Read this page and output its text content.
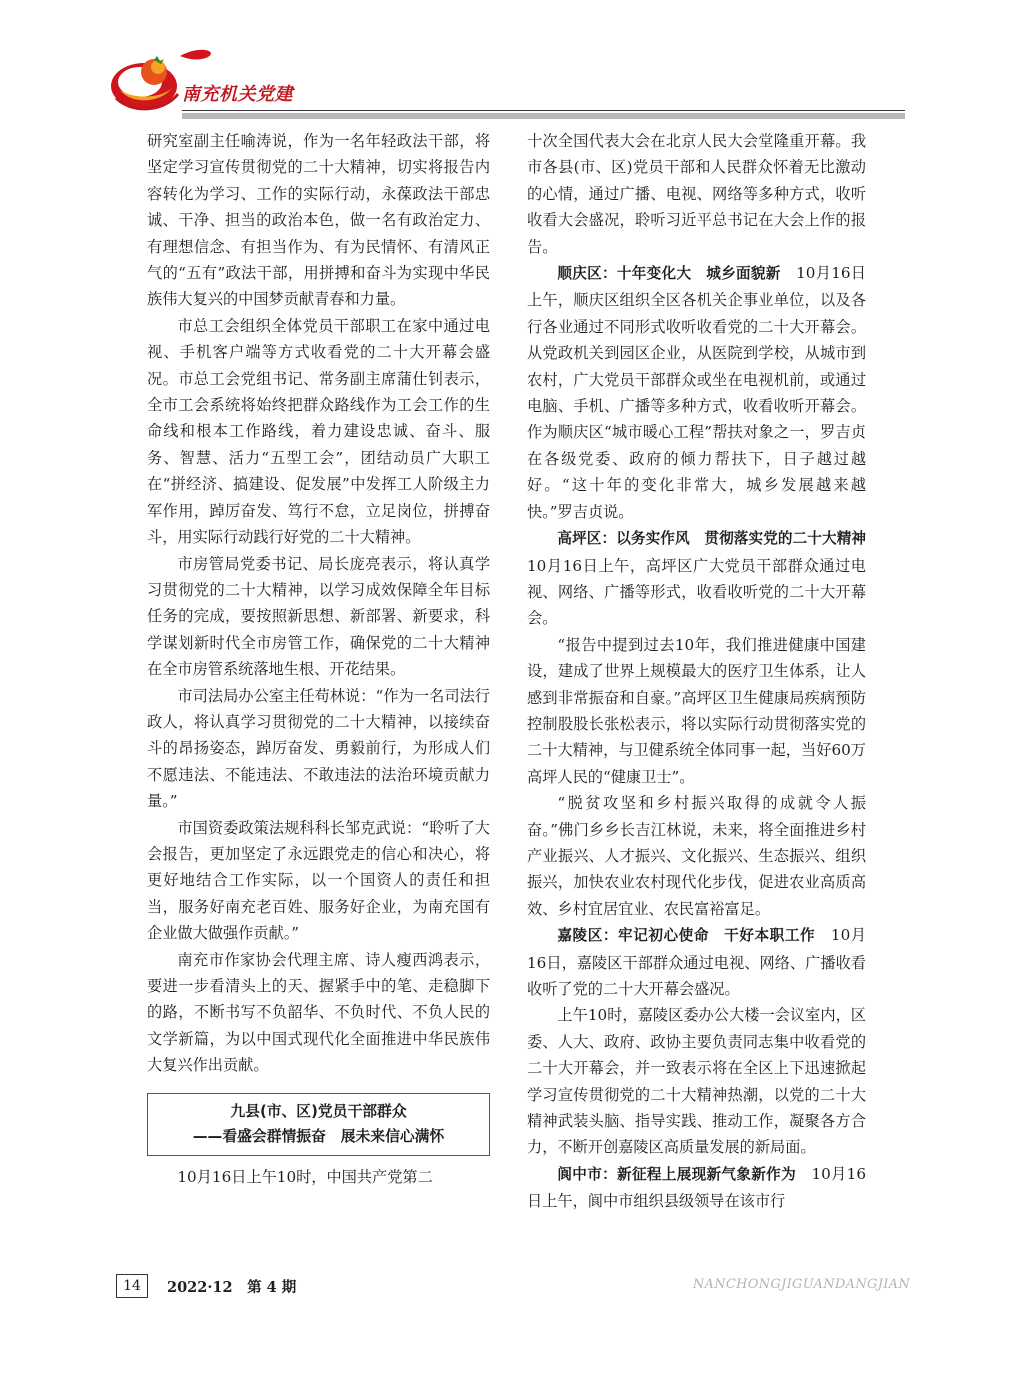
南充机关党建

研究室副主任喻涛说，作为一名年轻政法干部，将坚定学习宣传贯彻党的二十大精神，切实将报告内容转化为学习、工作的实际行动，永葆政法干部忠诚、干净、担当的政治本色，做一名有政治定力、有理想信念、有担当作为、有为民情怀、有清风正气的“五有”政法干部，用拼搏和奋斗为实现中华民族伟大复兴的中国梦贡献青春和力量。

市总工会组织全体党员干部职工在家中通过电视、手机客户端等方式收看党的二十大开幕会盛况。市总工会党组书记、常务副主席蒲仕钊表示，全市工会系统将始终把群众路线作为工会工作的生命线和根本工作路线，着力建设忠诚、奋斗、服务、智慧、活力“五型工会”，团结动员广大职工在“拼经济、搞建设、促发展”中发挥工人阶级主力军作用，踔厉奋发、笃行不怠，立足岗位，拼搏奋斗，用实际行动践行好党的二十大精神。

市房管局党委书记、局长庞亮表示，将认真学习贯彻党的二十大精神，以学习成效保障全年目标任务的完成，要按照新思想、新部署、新要求，科学谋划新时代全市房管工作，确保党的二十大精神在全市房管系统落地生根、开花结果。

市司法局办公室主任苟林说：“作为一名司法行政人，将认真学习贯彻党的二十大精神，以接续奋斗的昂扬姿态，踔厉奋发、勇毅前行，为形成人们不愿违法、不能违法、不敢违法的法治环境贡献力量。”

市国资委政策法规科科长邹克武说：“聆听了大会报告，更加坚定了永远跟党走的信心和决心，将更好地结合工作实际，以一个国资人的责任和担当，服务好南充老百姓、服务好企业，为南充国有企业做大做强作贡献。”

南充市作家协会代理主席、诗人瘦西鸿表示，要进一步看清头上的天、握紧手中的笔、走稳脚下的路，不断书写不负韶华、不负时代、不负人民的文学新篇，为以中国式现代化全面推进中华民族伟大复兴作出贡献。

九县(市、区)党员干部群众
——看盛会群情振奋　展未来信心满怀

10月16日上午10时，中国共产党第二

十次全国代表大会在北京人民大会堂隆重开幕。我市各县(市、区)党员干部和人民群众怀着无比激动的心情，通过广播、电视、网络等多种方式，收听收看大会盛况，聆听习近平总书记在大会上作的报告。

顺庆区：十年变化大　城乡面貌新　 10月16日上午，顺庆区组织全区各机关企事业单位，以及各行各业通过不同形式收听收看党的二十大开幕会。从党政机关到园区企业，从医院到学校，从城市到农村，广大党员干部群众或坐在电视机前，或通过电脑、手机、广播等多种方式，收看收听开幕会。作为顺庆区“城市暖心工程”帮扶对象之一，罗吉贞在各级党委、政府的倾力帮扶下，日子越过越好。“这十年的变化非常大，城乡发展越来越快。”罗吉贞说。

高坪区：以务实作风　贯彻落实党的二十大精神　10月16日上午，高坪区广大党员干部群众通过电视、网络、广播等形式，收看收听党的二十大开幕会。

“报告中提到过去10年，我们推进健康中国建设，建成了世界上规模最大的医疗卫生体系，让人感到非常振奋和自豪。”高坪区卫生健康局疾病预防控制股股长张松表示，将以实际行动贯彻落实党的二十大精神，与卫健系统全体同事一起，当好60万高坪人民的“健康卫士”。

“脱贫攻坚和乡村振兴取得的成就令人振奋。”佛门乡乡长吉江林说，未来，将全面推进乡村产业振兴、人才振兴、文化振兴、生态振兴、组织振兴，加快农业农村现代化步伐，促进农业高质高效、乡村宜居宜业、农民富裕富足。

嘉陵区：牢记初心使命　干好本职工作　 10月16日，嘉陵区干部群众通过电视、网络、广播收看收听了党的二十大开幕会盛况。

上午10时，嘉陵区委办公大楼一会议室内，区委、人大、政府、政协主要负责同志集中收看党的二十大开幕会，并一致表示将在全区上下迅速掀起学习宣传贯彻党的二十大精神热潮，以党的二十大精神武装头脑、指导实践、推动工作，凝聚各方合力，不断开创嘉陵区高质量发展的新局面。

阆中市：新征程上展现新气象新作为　 10月16日上午，阆中市组织县级领导在该市行

14	2022·12　第 4 期	NANCHONGJIGUANDANGJIAN
